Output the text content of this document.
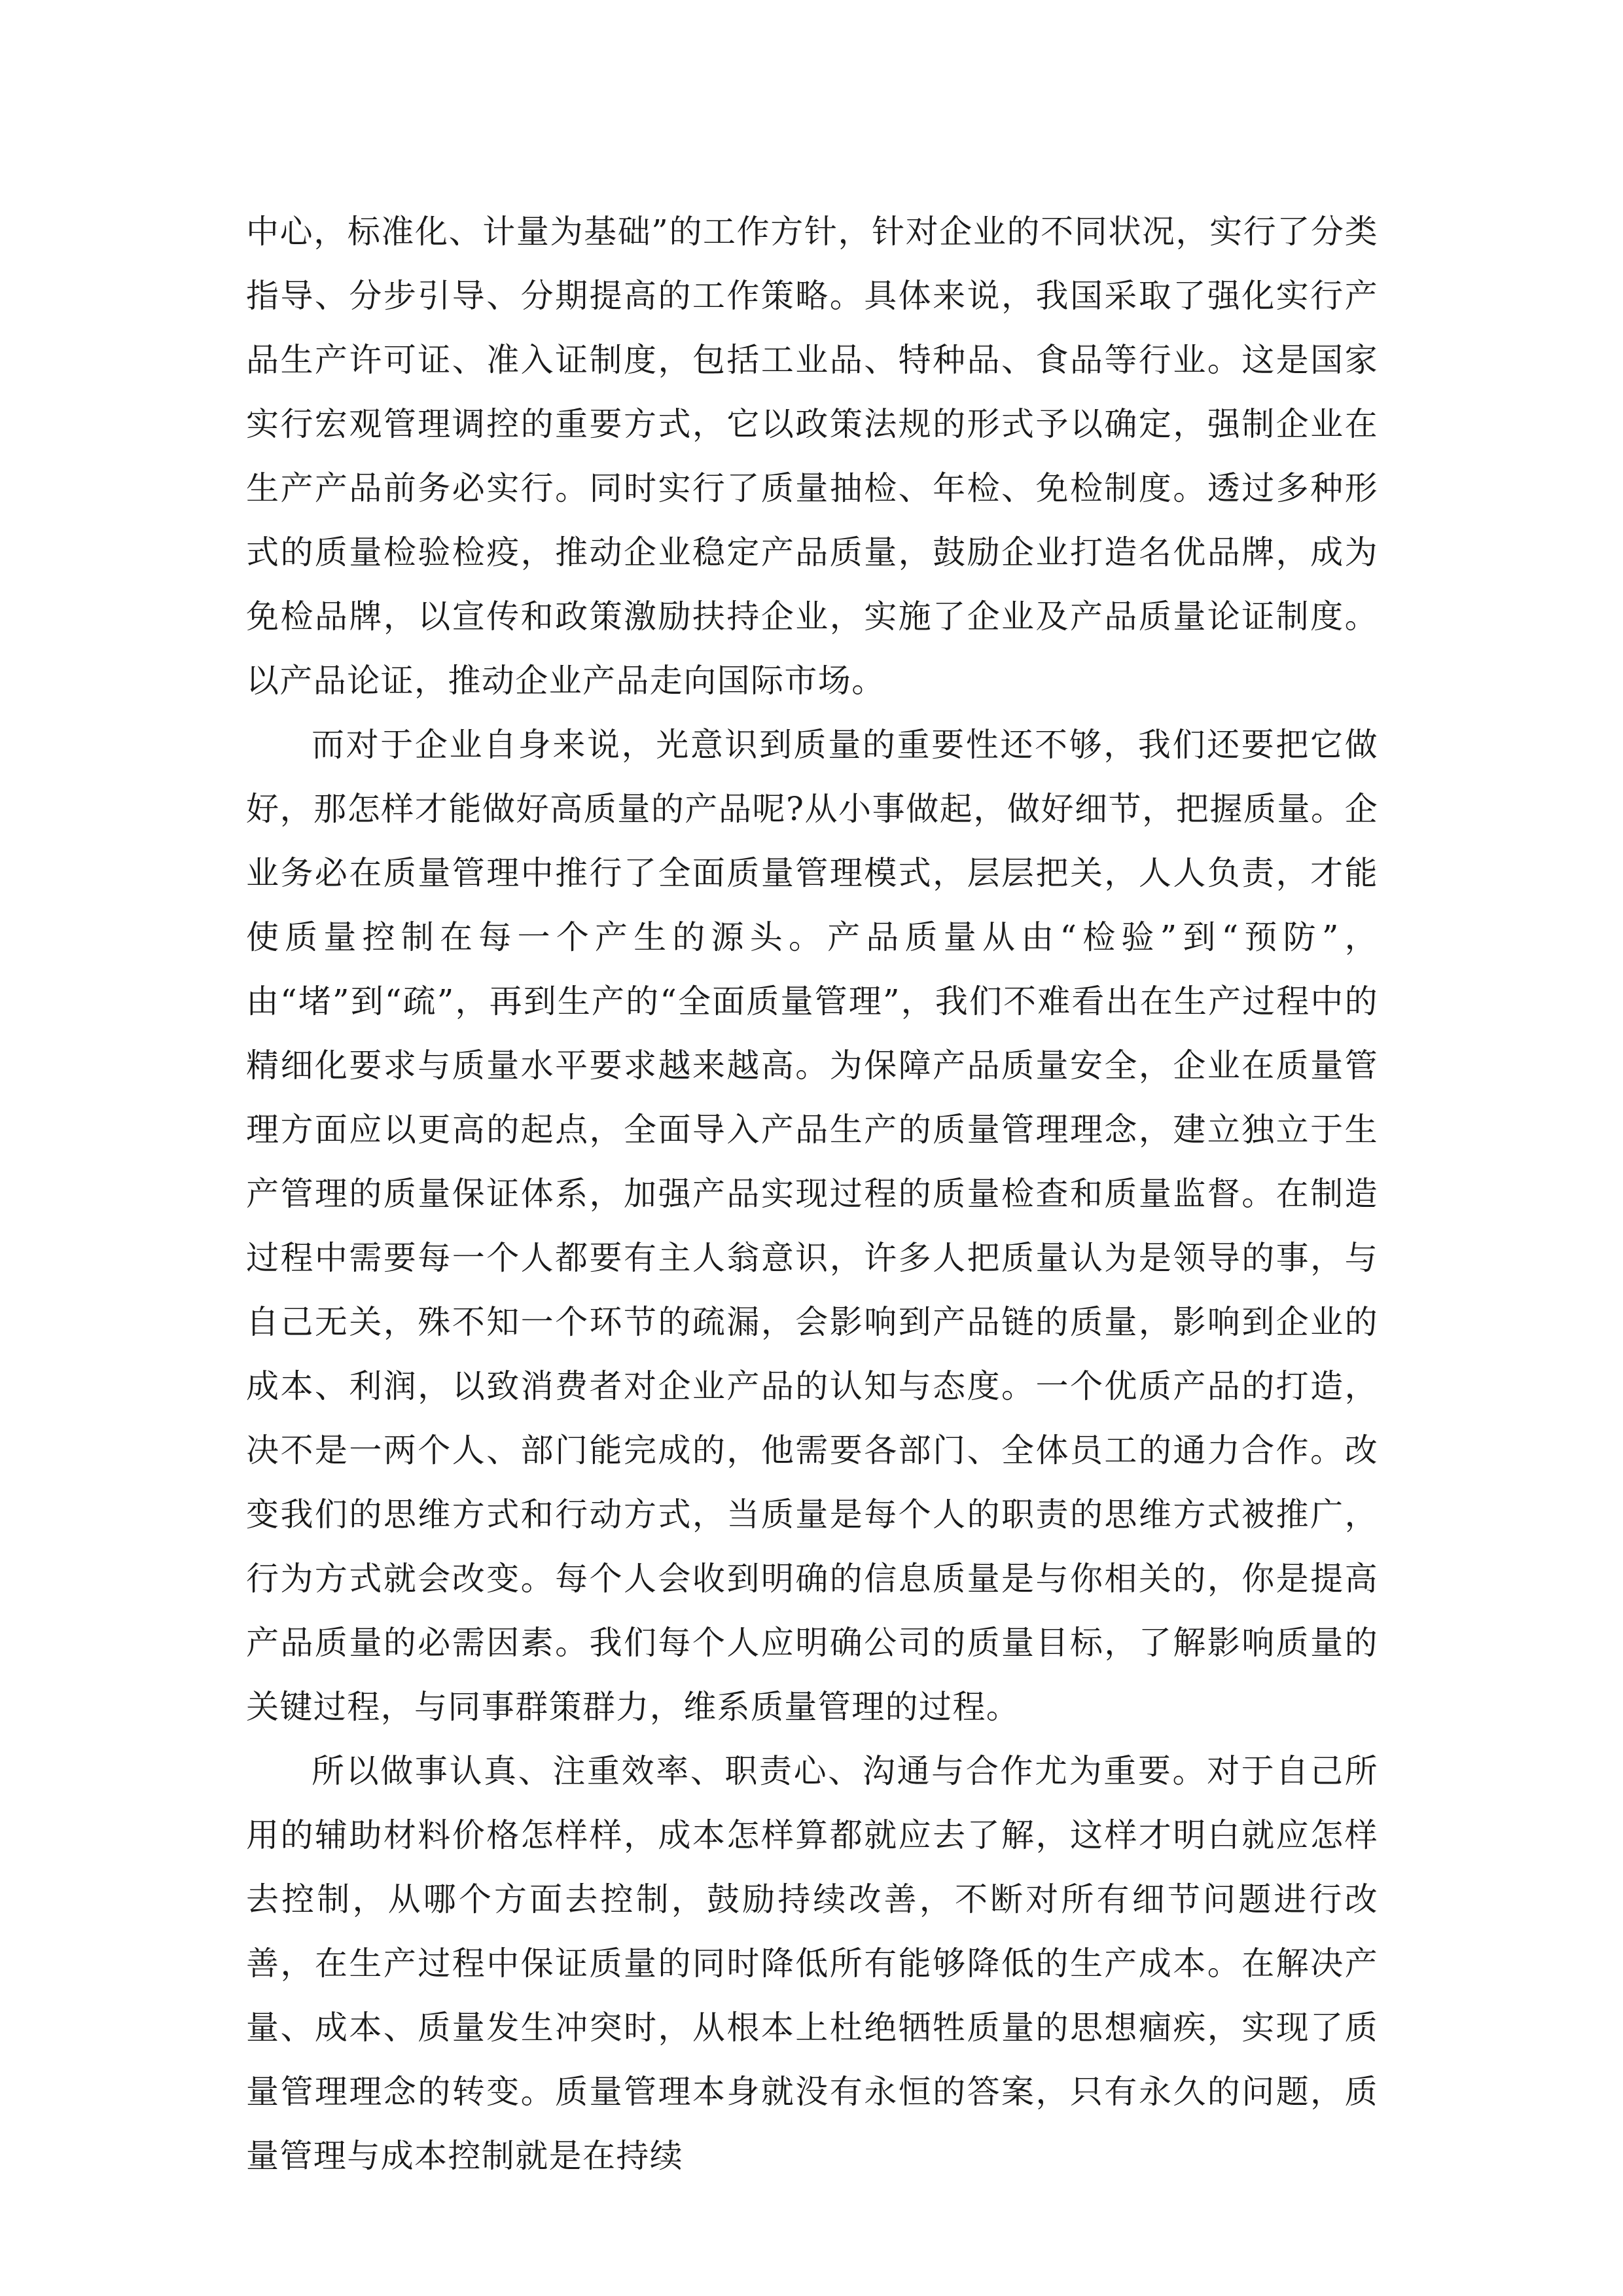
中心，标准化、计量为基础”的工作方针，针对企业的不同状况，实行了分类指导、分步引导、分期提高的工作策略。具体来说，我国采取了强化实行产品生产许可证、准入证制度，包括工业品、特种品、食品等行业。这是国家实行宏观管理调控的重要方式，它以政策法规的形式予以确定，强制企业在生产产品前务必实行。同时实行了质量抽检、年检、免检制度。透过多种形式的质量检验检疫，推动企业稳定产品质量，鼓励企业打造名优品牌，成为免检品牌，以宣传和政策激励扶持企业，实施了企业及产品质量论证制度。以产品论证，推动企业产品走向国际市场。

而对于企业自身来说，光意识到质量的重要性还不够，我们还要把它做好，那怎样才能做好高质量的产品呢?从小事做起，做好细节，把握质量。企业务必在质量管理中推行了全面质量管理模式，层层把关，人人负责，才能使质量控制在每一个产生的源头。产品质量从由“检验”到“预防”，由“堵”到“疏”，再到生产的“全面质量管理”，我们不难看出在生产过程中的精细化要求与质量水平要求越来越高。为保障产品质量安全，企业在质量管理方面应以更高的起点，全面导入产品生产的质量管理理念，建立独立于生产管理的质量保证体系，加强产品实现过程的质量检查和质量监督。在制造过程中需要每一个人都要有主人翁意识，许多人把质量认为是领导的事，与自己无关，殊不知一个环节的疏漏，会影响到产品链的质量，影响到企业的成本、利润，以致消费者对企业产品的认知与态度。一个优质产品的打造，决不是一两个人、部门能完成的，他需要各部门、全体员工的通力合作。改变我们的思维方式和行动方式，当质量是每个人的职责的思维方式被推广，行为方式就会改变。每个人会收到明确的信息质量是与你相关的，你是提高产品质量的必需因素。我们每个人应明确公司的质量目标，了解影响质量的关键过程，与同事群策群力，维系质量管理的过程。

所以做事认真、注重效率、职责心、沟通与合作尤为重要。对于自己所用的辅助材料价格怎样样，成本怎样算都就应去了解，这样才明白就应怎样去控制，从哪个方面去控制，鼓励持续改善，不断对所有细节问题进行改善，在生产过程中保证质量的同时降低所有能够降低的生产成本。在解决产量、成本、质量发生冲突时，从根本上杜绝牺牲质量的思想痼疾，实现了质量管理理念的转变。质量管理本身就没有永恒的答案，只有永久的问题，质量管理与成本控制就是在持续
